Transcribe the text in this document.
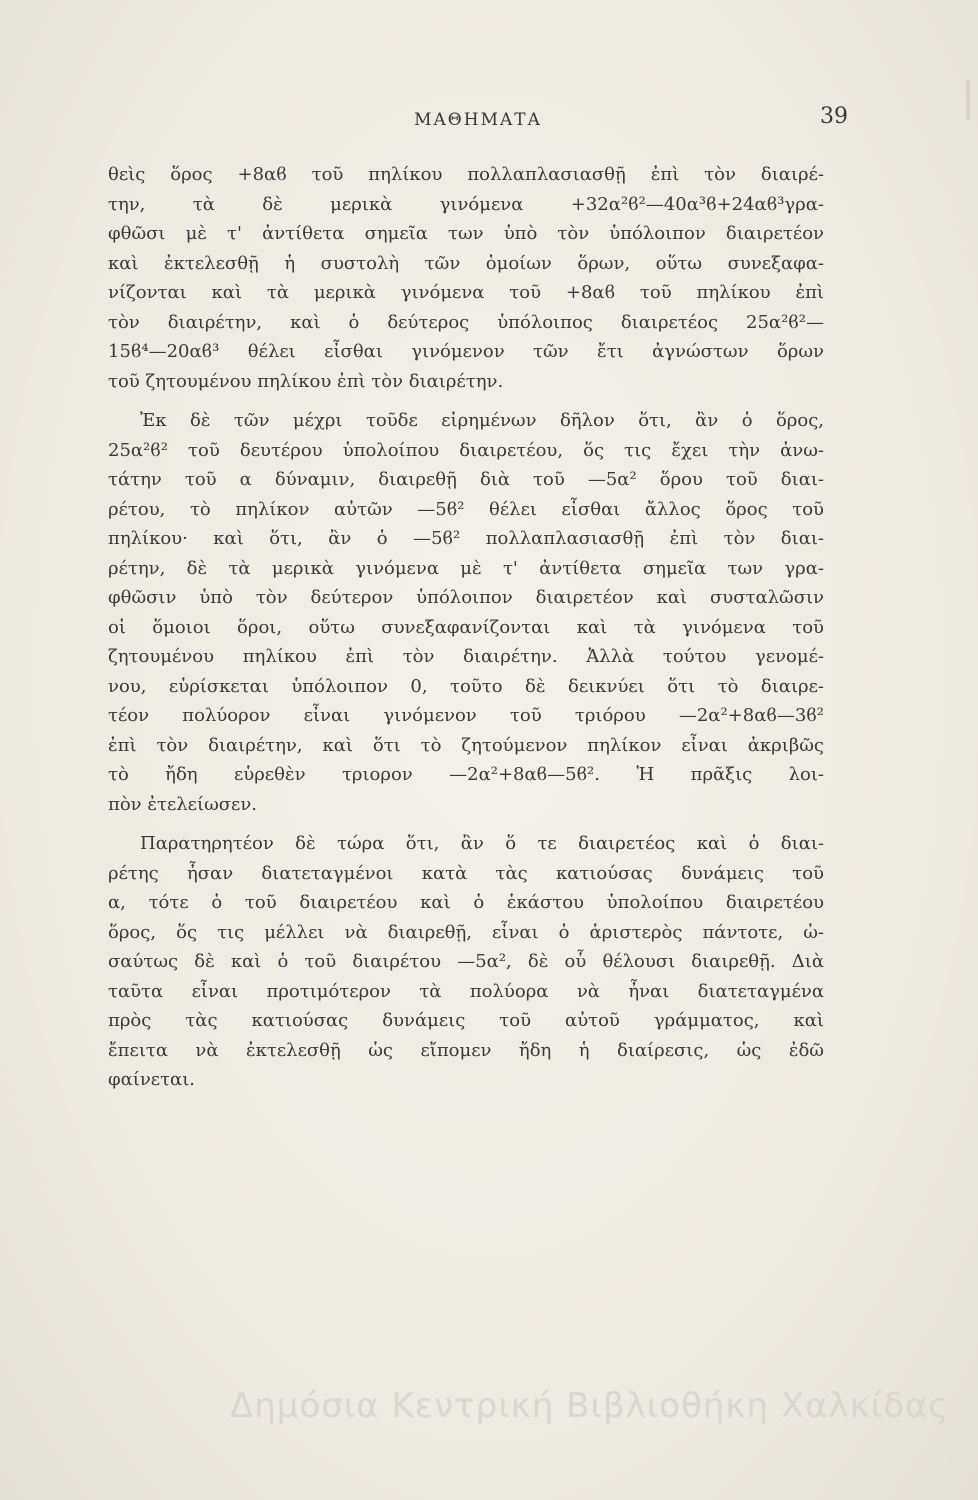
ΜΑΘΗΜΑΤΑ	39
θεὶς ὅρος +8αϐ τοῦ πηλίκου πολλαπλασιασθῇ ἐπὶ τὸν διαιρέ-
την, τὰ δὲ μερικὰ γινόμενα +32α²ϐ²—40α³ϐ+24αϐ³γρα-
φθῶσι μὲ τ' ἀντίθετα σημεῖα των ὑπὸ τὸν ὑπόλοιπον διαιρετέον
καὶ ἐκτελεσθῇ ἡ συστολὴ τῶν ὁμοίων ὅρων, οὕτω συνεξαφα-
νίζονται καὶ τὰ μερικὰ γινόμενα τοῦ +8αϐ τοῦ πηλίκου ἐπὶ
τὸν διαιρέτην, καὶ ὁ δεύτερος ὑπόλοιπος διαιρετέος 25α²ϐ²—
15ϐ⁴—20αϐ³ θέλει εἶσθαι γινόμενον τῶν ἔτι ἀγνώστων ὅρων
τοῦ ζητουμένου πηλίκου ἐπὶ τὸν διαιρέτην.
Ἐκ δὲ τῶν μέχρι τοῦδε εἰρημένων δῆλον ὅτι, ἂν ὁ ὅρος,
25α²ϐ² τοῦ δευτέρου ὑπολοίπου διαιρετέου, ὅς τις ἔχει τὴν ἀνω-
τάτην τοῦ α δύναμιν, διαιρεθῇ διὰ τοῦ —5α² ὅρου τοῦ διαι-
ρέτου, τὸ πηλίκον αὐτῶν —5ϐ² θέλει εἶσθαι ἄλλος ὅρος τοῦ
πηλίκου· καὶ ὅτι, ἂν ὁ —5ϐ² πολλαπλασιασθῇ ἐπὶ τὸν διαι-
ρέτην, δὲ τὰ μερικὰ γινόμενα μὲ τ' ἀντίθετα σημεῖα των γρα-
φθῶσιν ὑπὸ τὸν δεύτερον ὑπόλοιπον διαιρετέον καὶ συσταλῶσιν
οἱ ὅμοιοι ὅροι, οὕτω συνεξαφανίζονται καὶ τὰ γινόμενα τοῦ
ζητουμένου πηλίκου ἐπὶ τὸν διαιρέτην. Ἀλλὰ τούτου γενομέ-
νου, εὑρίσκεται ὑπόλοιπον 0, τοῦτο δὲ δεικνύει ὅτι τὸ διαιρε-
τέον πολύορον εἶναι γινόμενον τοῦ τριόρου —2α²+8αϐ—3ϐ²
ἐπὶ τὸν διαιρέτην, καὶ ὅτι τὸ ζητούμενον πηλίκον εἶναι ἀκριβῶς
τὸ ἤδη εὑρεθὲν τριορον —2α²+8αϐ—5ϐ². Ἡ πρᾶξις λοι-
πὸν ἐτελείωσεν.
Παρατηρητέον δὲ τώρα ὅτι, ἂν ὅ τε διαιρετέος καὶ ὁ διαι-
ρέτης ἦσαν διατεταγμένοι κατὰ τὰς κατιούσας δυνάμεις τοῦ
α, τότε ὁ τοῦ διαιρετέου καὶ ὁ ἑκάστου ὑπολοίπου διαιρετέου
ὅρος, ὅς τις μέλλει νὰ διαιρεθῇ, εἶναι ὁ ἀριστερὸς πάντοτε, ὡ-
σαύτως δὲ καὶ ὁ τοῦ διαιρέτου —5α², δὲ οὗ θέλουσι διαιρεθῇ. Διὰ
ταῦτα εἶναι προτιμότερον τὰ πολύορα νὰ ἦναι διατεταγμένα
πρὸς τὰς κατιούσας δυνάμεις τοῦ αὐτοῦ γράμματος, καὶ
ἔπειτα νὰ ἐκτελεσθῇ ὡς εἴπομεν ἤδη ἡ διαίρεσις, ὡς ἐδῶ
φαίνεται.
Δημόσια Κεντρική Βιβλιοθήκη Χαλκίδας
